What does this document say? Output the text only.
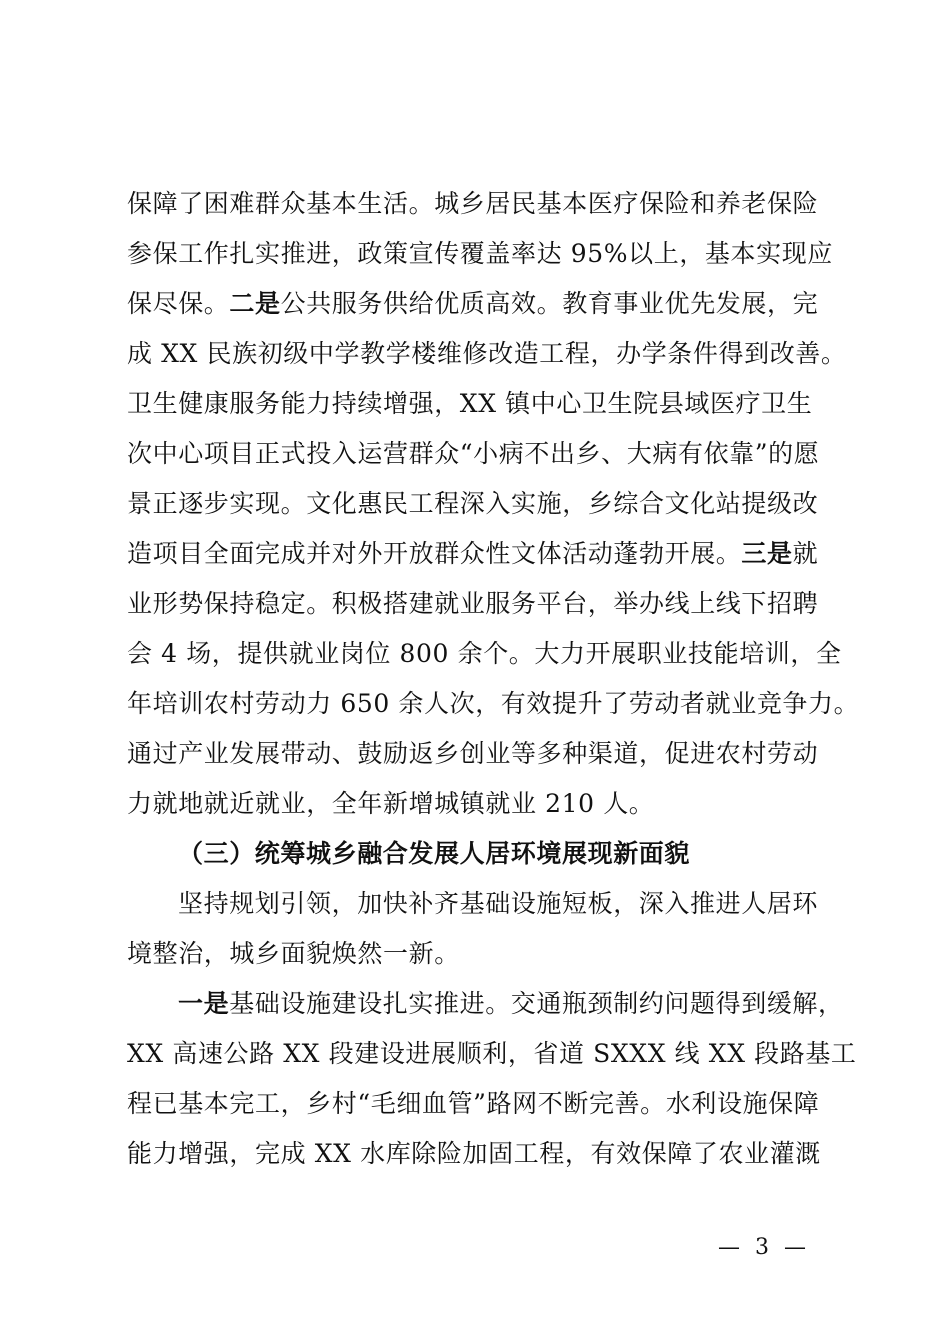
保障了困难群众基本生活。城乡居民基本医疗保险和养老保险
参保工作扎实推进，政策宣传覆盖率达 95%以上，基本实现应
保尽保。二是公共服务供给优质高效。教育事业优先发展，完
成 XX 民族初级中学教学楼维修改造工程，办学条件得到改善。
卫生健康服务能力持续增强，XX 镇中心卫生院县域医疗卫生
次中心项目正式投入运营群众“小病不出乡、大病有依靠”的愿
景正逐步实现。文化惠民工程深入实施，乡综合文化站提级改
造项目全面完成并对外开放群众性文体活动蓬勃开展。三是就
业形势保持稳定。积极搭建就业服务平台，举办线上线下招聘
会 4 场，提供就业岗位 800 余个。大力开展职业技能培训，全
年培训农村劳动力 650 余人次，有效提升了劳动者就业竞争力。
通过产业发展带动、鼓励返乡创业等多种渠道，促进农村劳动
力就地就近就业，全年新增城镇就业 210 人。
（三）统筹城乡融合发展人居环境展现新面貌
坚持规划引领，加快补齐基础设施短板，深入推进人居环
境整治，城乡面貌焕然一新。
一是基础设施建设扎实推进。交通瓶颈制约问题得到缓解，
XX 高速公路 XX 段建设进展顺利，省道 SXXX 线 XX 段路基工
程已基本完工，乡村“毛细血管”路网不断完善。水利设施保障
能力增强，完成 XX 水库除险加固工程，有效保障了农业灌溉
— 3 —
